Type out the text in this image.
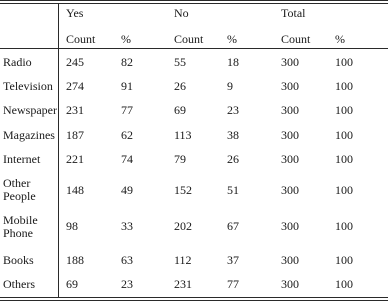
Yes	No	Total
Count %	Count %	Count %
Radio	245	82	55	18	300	100
Television 274	91	26	9	300	100
Newspaper 231	77	69	23	300	100
Magazines 187	62	113	38	300	100
Internet 221	74	79	26	300	100
Other People	148	49	152	51	300	100
Mobile Phone	98	33	202	67	300	100
Books	188	63	112	37	300	100
Others	69	23	231	77	300	100
